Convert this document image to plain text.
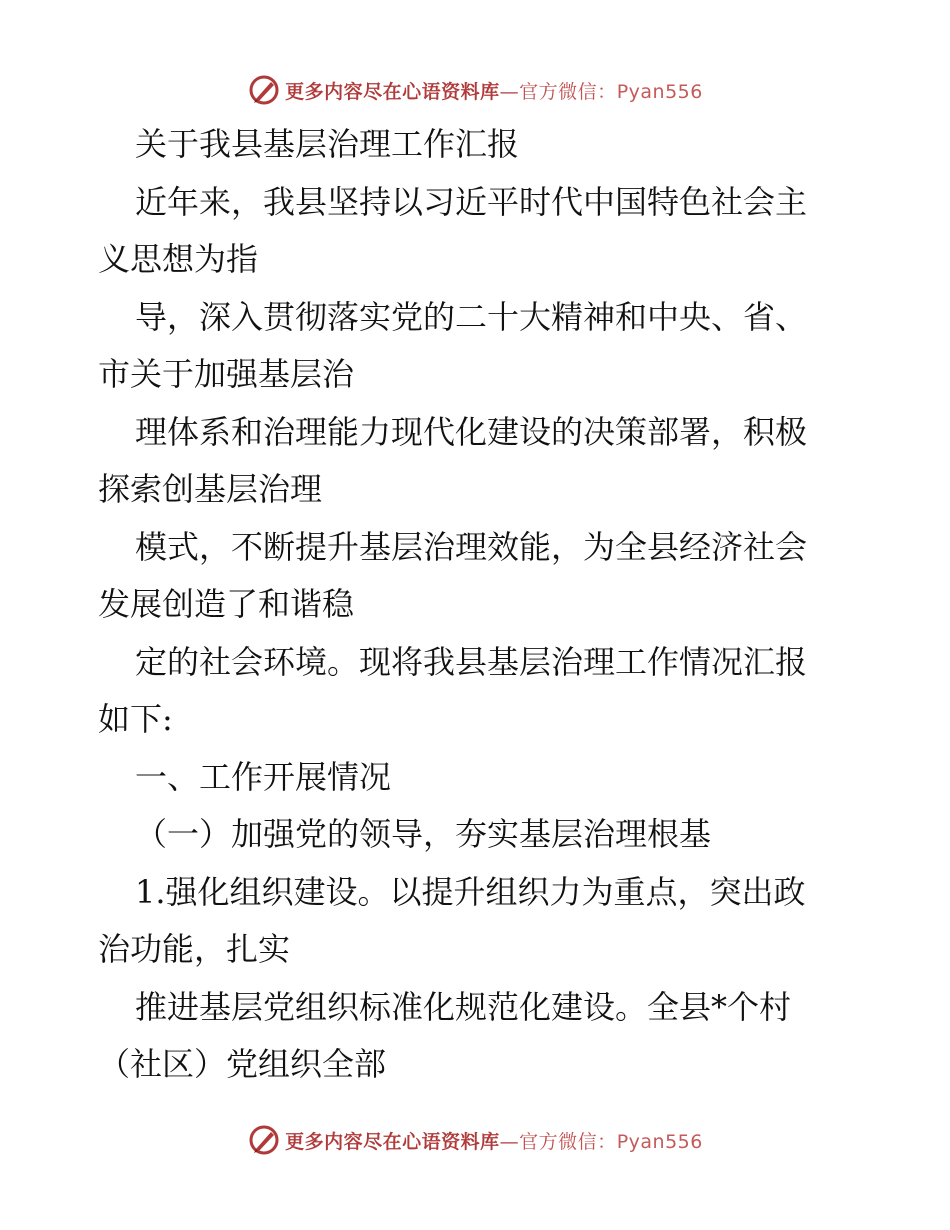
更多内容尽在心语资料库—官方微信：Pyan556

关于我县基层治理工作汇报

近年来，我县坚持以习近平时代中国特色社会主

义思想为指

导，深入贯彻落实党的二十大精神和中央、省、

市关于加强基层治

理体系和治理能力现代化建设的决策部署，积极

探索创基层治理

模式，不断提升基层治理效能，为全县经济社会

发展创造了和谐稳

定的社会环境。现将我县基层治理工作情况汇报

如下:

一、工作开展情况

（一）加强党的领导，夯实基层治理根基

1.强化组织建设。以提升组织力为重点，突出政

治功能，扎实

推进基层党组织标准化规范化建设。全县*个村

（社区）党组织全部

更多内容尽在心语资料库—官方微信：Pyan556
